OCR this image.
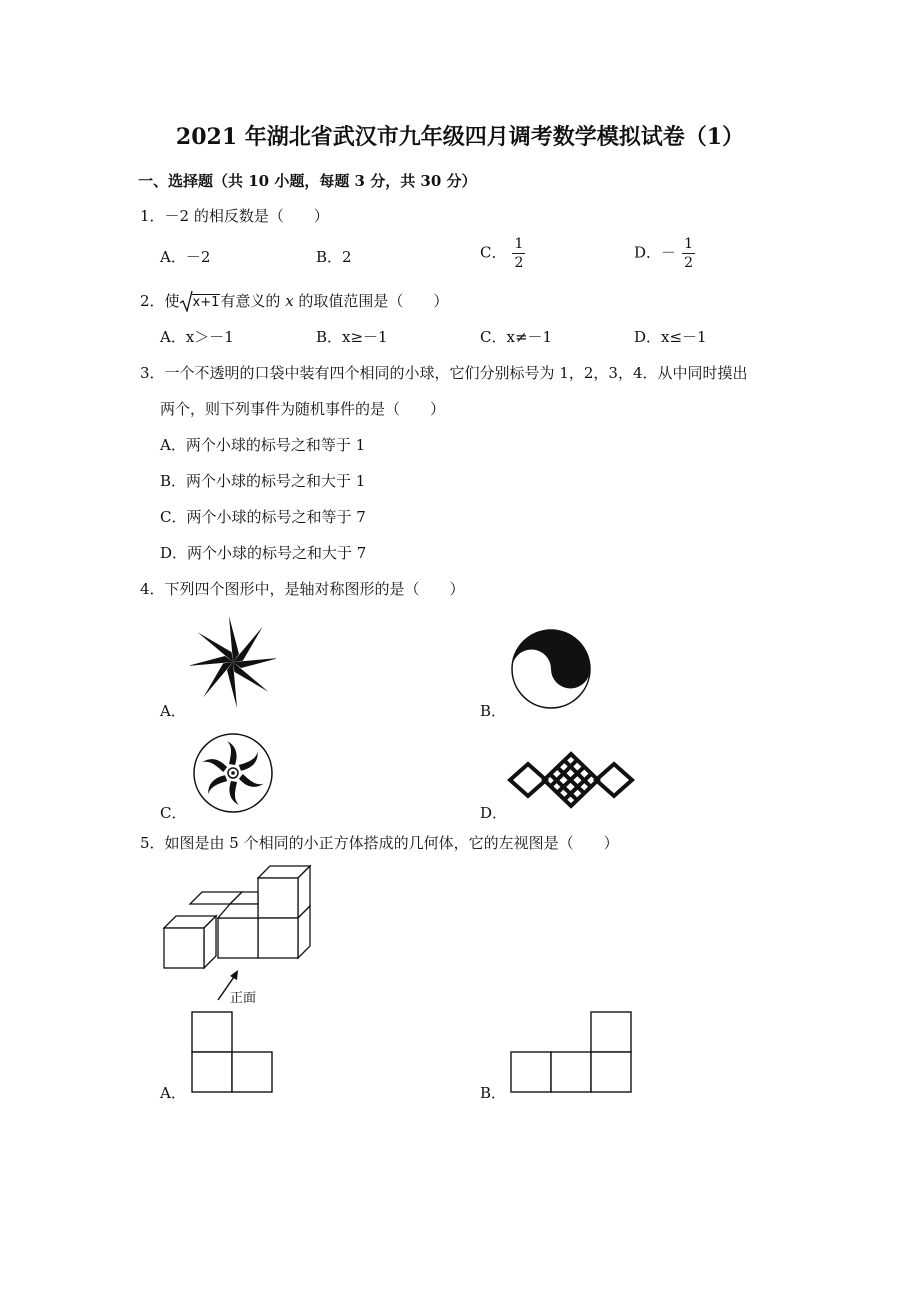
2021 年湖北省武汉市九年级四月调考数学模拟试卷（1）
一、选择题（共 10 小题，每题 3 分，共 30 分）
1．－2 的相反数是（　　）
A．－2	B．2	C． $\frac{1}{2}$	D．－ $\frac{1}{2}$
2．使 x+1有意义的 x 的取值范围是（　　）
A．x＞－1	B．x≥－1	C．x≠－1	D．x≤－1
3．一个不透明的口袋中装有四个相同的小球，它们分别标号为 1，2，3，4．从中同时摸出
两个，则下列事件为随机事件的是（　　）
A．两个小球的标号之和等于 1
B．两个小球的标号之和大于 1
C．两个小球的标号之和等于 7
D．两个小球的标号之和大于 7
4．下列四个图形中，是轴对称图形的是（　　）
A．	B．
C．	D．
5．如图是由 5 个相同的小正方体搭成的几何体，它的左视图是（　　）
正面
A．	B．
